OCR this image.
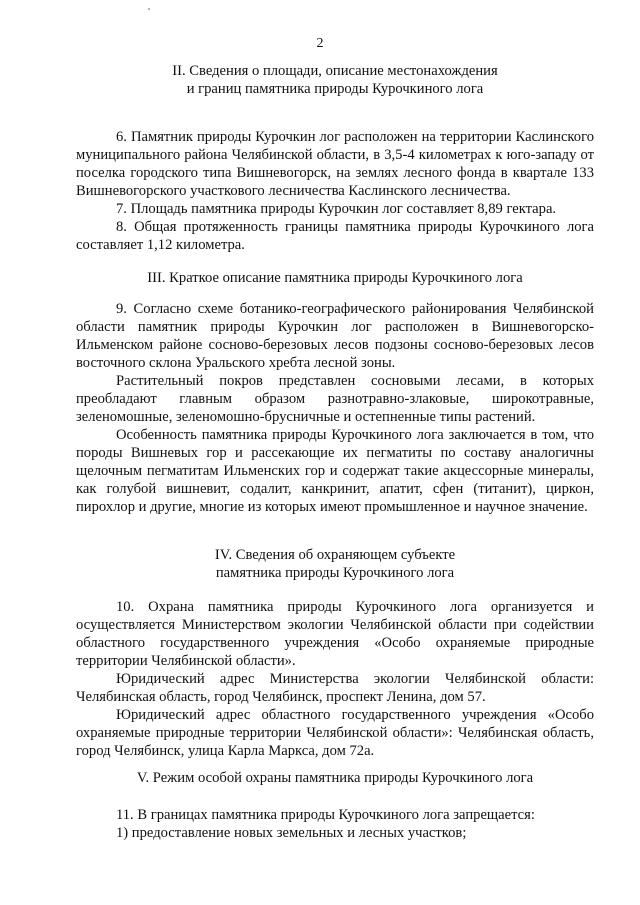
2
II. Сведения о площади, описание местонахождения
и границ памятника природы Курочкиного лога
6. Памятник природы Курочкин лог расположен на территории Каслинского муниципального района Челябинской области, в 3,5-4 километрах к юго-западу от поселка городского типа Вишневогорск, на землях лесного фонда в квартале 133 Вишневогорского участкового лесничества Каслинского лесничества.
7. Площадь памятника природы Курочкин лог составляет 8,89 гектара.
8. Общая протяженность границы памятника природы Курочкиного лога составляет 1,12 километра.
III. Краткое описание памятника природы Курочкиного лога
9. Согласно схеме ботанико-географического районирования Челябинской области памятник природы Курочкин лог расположен в Вишневогорско-Ильменском районе сосново-березовых лесов подзоны сосново-березовых лесов восточного склона Уральского хребта лесной зоны.
Растительный покров представлен сосновыми лесами, в которых преобладают главным образом разнотравно-злаковые, широкотравные, зеленомошные, зеленомошно-брусничные и остепненные типы растений.
Особенность памятника природы Курочкиного лога заключается в том, что породы Вишневых гор и рассекающие их пегматиты по составу аналогичны щелочным пегматитам Ильменских гор и содержат такие акцессорные минералы, как голубой вишневит, содалит, канкринит, апатит, сфен (титанит), циркон, пирохлор и другие, многие из которых имеют промышленное и научное значение.
IV. Сведения об охраняющем субъекте
памятника природы Курочкиного лога
10. Охрана памятника природы Курочкиного лога организуется и осуществляется Министерством экологии Челябинской области при содействии областного государственного учреждения «Особо охраняемые природные территории Челябинской области».
Юридический адрес Министерства экологии Челябинской области: Челябинская область, город Челябинск, проспект Ленина, дом 57.
Юридический адрес областного государственного учреждения «Особо охраняемые природные территории Челябинской области»: Челябинская область, город Челябинск, улица Карла Маркса, дом 72а.
V. Режим особой охраны памятника природы Курочкиного лога
11. В границах памятника природы Курочкиного лога запрещается:
1) предоставление новых земельных и лесных участков;
